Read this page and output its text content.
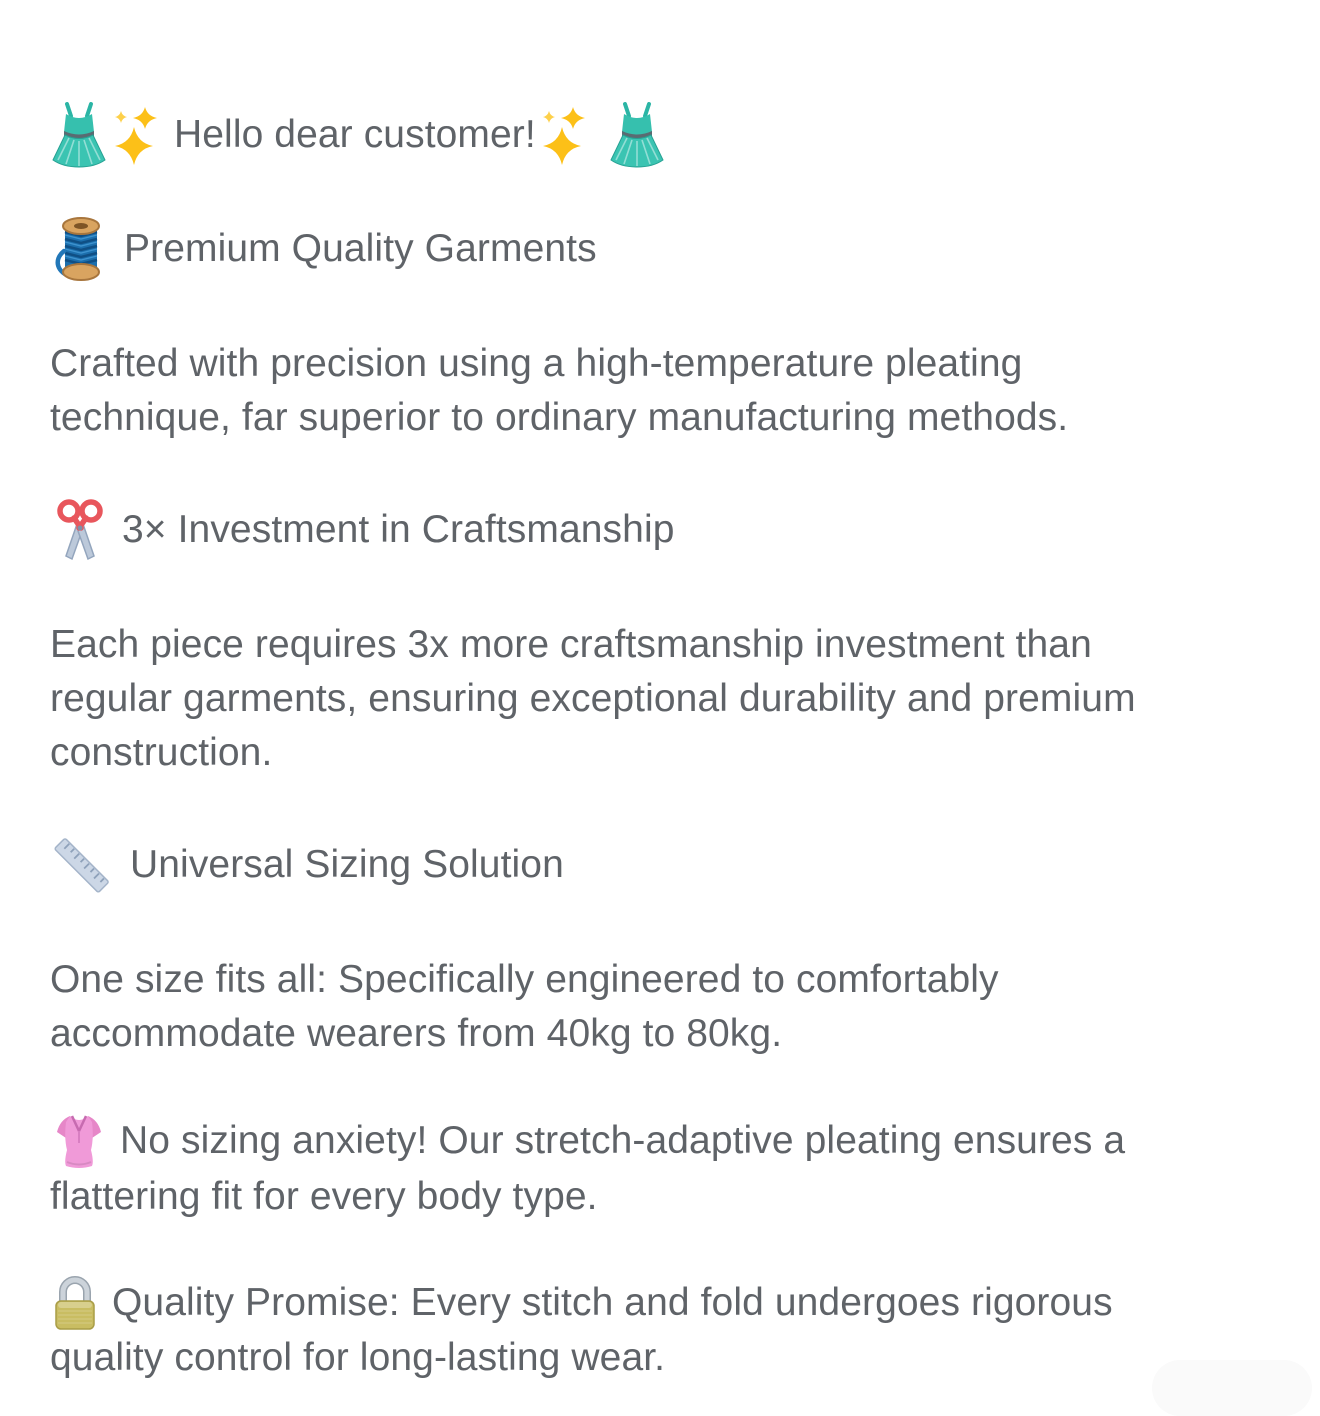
Hello dear customer!

Premium Quality Garments

Crafted with precision using a high-temperature pleating
technique, far superior to ordinary manufacturing methods.

3× Investment in Craftsmanship

Each piece requires 3x more craftsmanship investment than
regular garments, ensuring exceptional durability and premium
construction.

Universal Sizing Solution

One size fits all: Specifically engineered to comfortably
accommodate wearers from 40kg to 80kg.

No sizing anxiety! Our stretch-adaptive pleating ensures a
flattering fit for every body type.

Quality Promise: Every stitch and fold undergoes rigorous
quality control for long-lasting wear.
